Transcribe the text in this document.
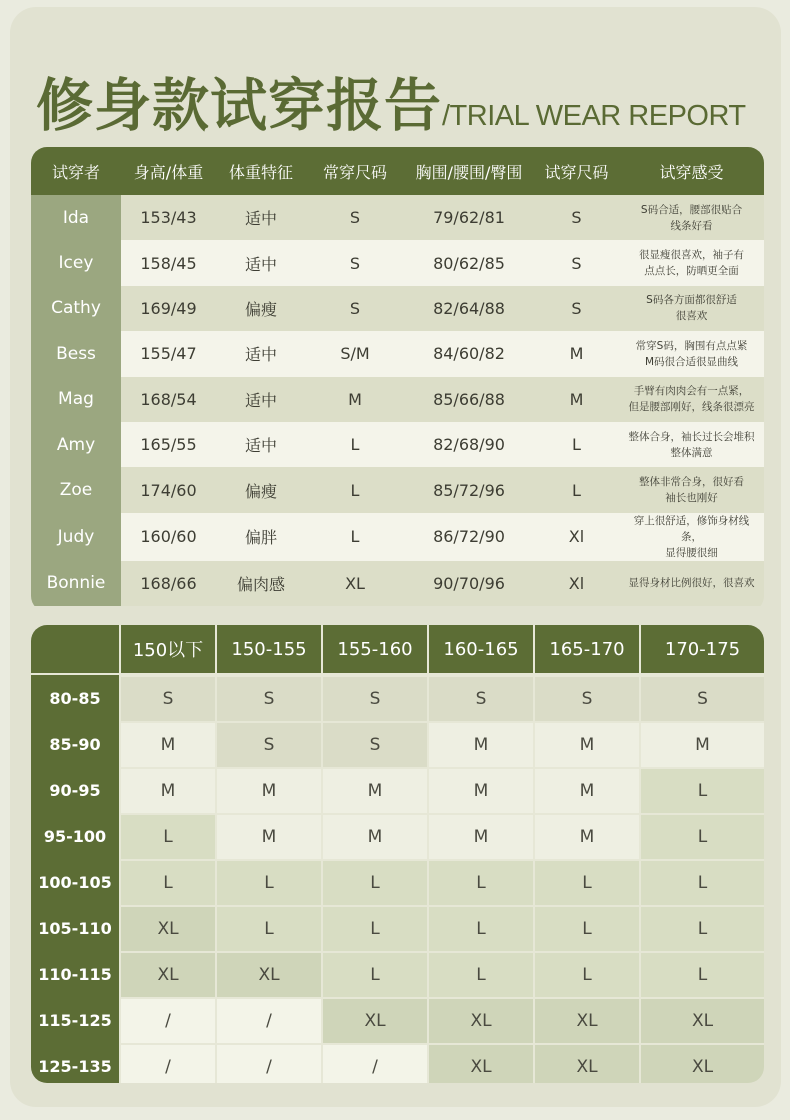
修身款试穿报告/TRIAL WEAR REPORT
试穿者	身高/体重	体重特征	常穿尺码	胸围/腰围/臀围	试穿尺码	试穿感受
Ida	153/43	适中	S	79/62/81	S	S码合适，腰部很贴合
线条好看

Icey	158/45	适中	S	80/62/85	S	很显瘦很喜欢，袖子有
点点长，防晒更全面

Cathy	169/49	偏瘦	S	82/64/88	S	S码各方面都很舒适
很喜欢

Bess	155/47	适中	S/M	84/60/82	M	常穿S码，胸围有点点紧
M码很合适很显曲线

Mag	168/54	适中	M	85/66/88	M	手臂有肉肉会有一点紧，
但是腰部刚好，线条很漂亮

Amy	165/55	适中	L	82/68/90	L	整体合身，袖长过长会堆积
整体满意

Zoe	174/60	偏瘦	L	85/72/96	L	整体非常合身，很好看
袖长也刚好

Judy	160/60	偏胖	L	86/72/90	Xl	穿上很舒适，修饰身材线条，
显得腰很细

Bonnie	168/66	偏肉感	XL	90/70/96	Xl	显得身材比例很好，很喜欢
	150以下	150-155	155-160	160-165	165-170	170-175
80-85	S	S	S	S	S	S
85-90	M	S	S	M	M	M
90-95	M	M	M	M	M	L
95-100	L	M	M	M	M	L
100-105	L	L	L	L	L	L
105-110	XL	L	L	L	L	L
110-115	XL	XL	L	L	L	L
115-125	/	/	XL	XL	XL	XL
125-135	/	/	/	XL	XL	XL
